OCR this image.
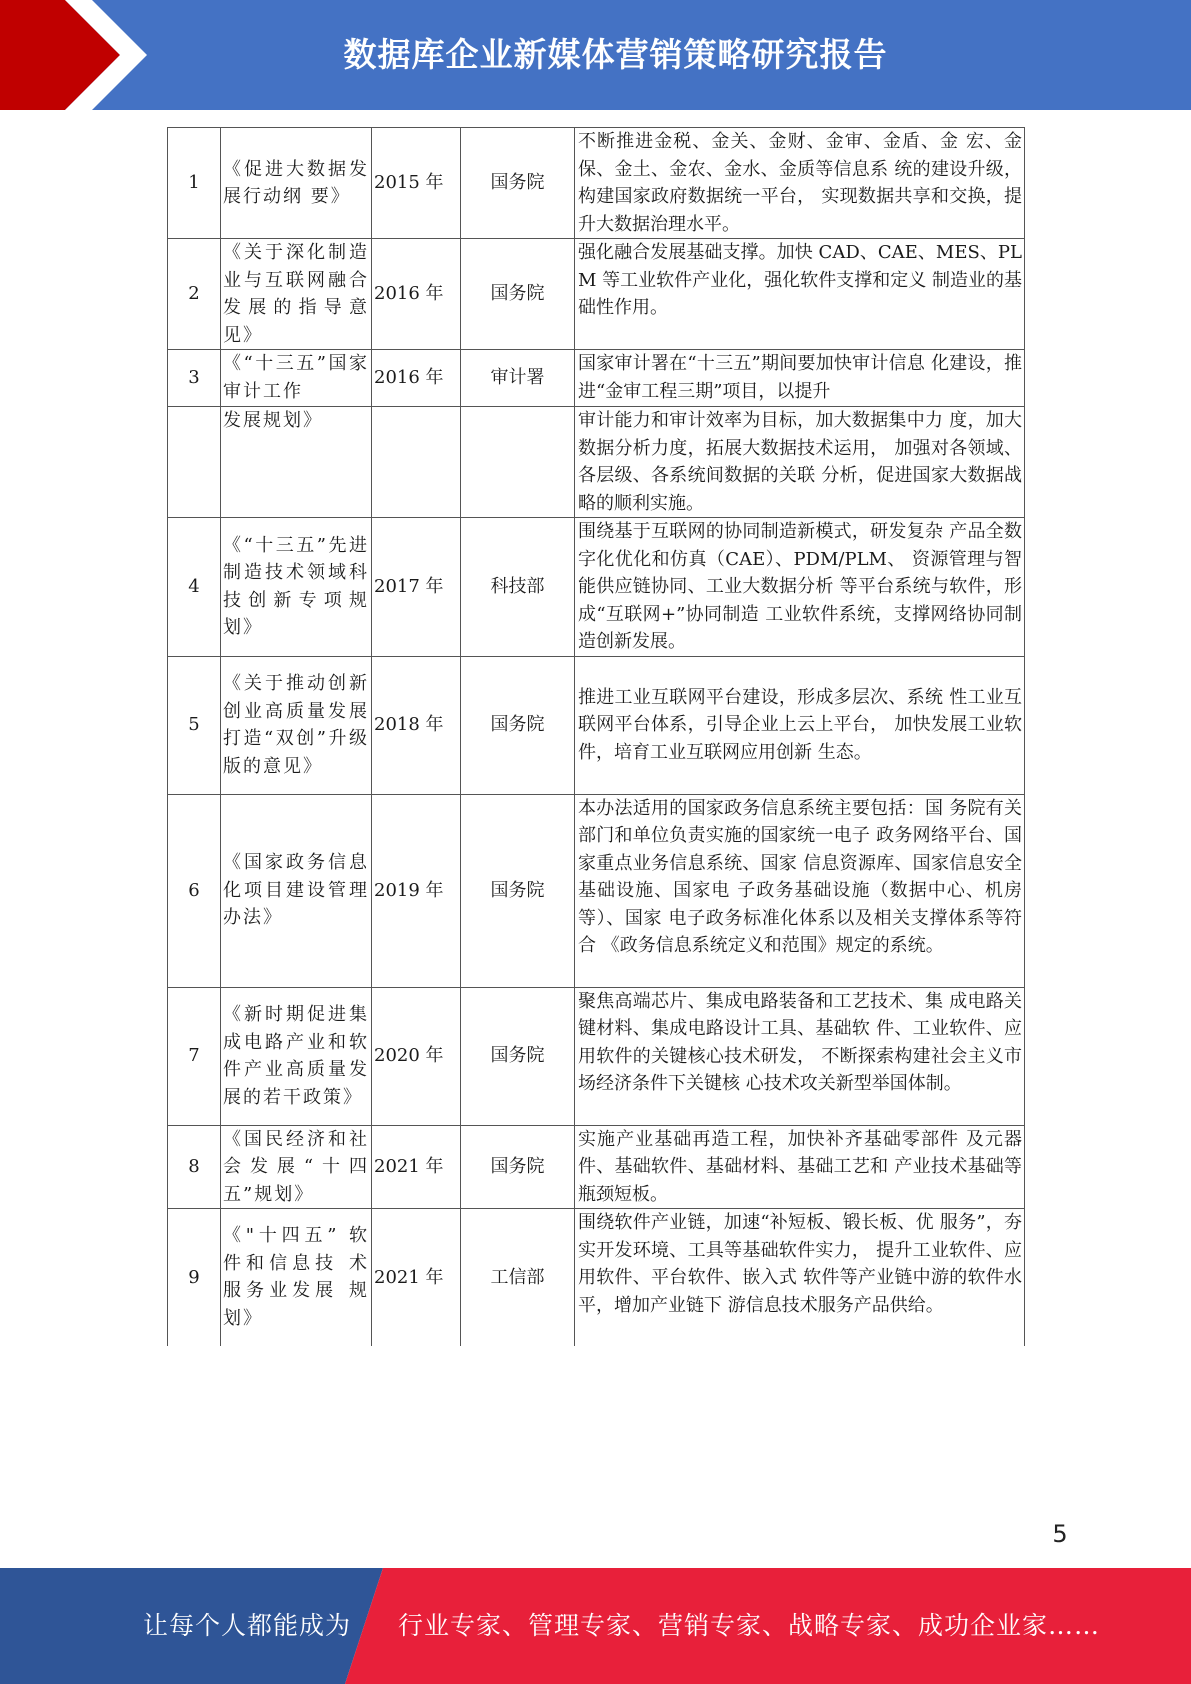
数据库企业新媒体营销策略研究报告
1	《促进大数据发展行动纲 要》	2015 年	国务院	不断推进金税、金关、金财、金审、金盾、金 宏、金保、金土、金农、金水、金质等信息系 统的建设升级，构建国家政府数据统一平台， 实现数据共享和交换，提升大数据治理水平。
2	《关于深化制造业与互联网融合发展的指导意见》	2016 年	国务院	强化融合发展基础支撑。加快 CAD、CAE、MES、PLM 等工业软件产业化，强化软件支撑和定义 制造业的基础性作用。
3	《“十三五”国家审计工作	2016 年	审计署	国家审计署在“十三五”期间要加快审计信息 化建设，推进“金审工程三期”项目，以提升
	发展规划》			审计能力和审计效率为目标，加大数据集中力 度，加大数据分析力度，拓展大数据技术运用， 加强对各领域、各层级、各系统间数据的关联 分析，促进国家大数据战略的顺利实施。
4	《“十三五”先进制造技术领域科技创新专项规划》	2017 年	科技部	围绕基于互联网的协同制造新模式，研发复杂 产品全数字化优化和仿真（CAE）、PDM/PLM、 资源管理与智能供应链协同、工业大数据分析 等平台系统与软件，形成“互联网+”协同制造 工业软件系统，支撑网络协同制造创新发展。
5	《关于推动创新创业高质量发展打造“双创”升级版的意见》	2018 年	国务院	推进工业互联网平台建设，形成多层次、系统 性工业互联网平台体系，引导企业上云上平台， 加快发展工业软件，培育工业互联网应用创新 生态。
6	《国家政务信息化项目建设管理办法》	2019 年	国务院	本办法适用的国家政务信息系统主要包括：国 务院有关部门和单位负责实施的国家统一电子 政务网络平台、国家重点业务信息系统、国家 信息资源库、国家信息安全基础设施、国家电 子政务基础设施（数据中心、机房等）、国家 电子政务标准化体系以及相关支撑体系等符合 《政务信息系统定义和范围》规定的系统。
7	《新时期促进集成电路产业和软件产业高质量发展的若干政策》	2020 年	国务院	聚焦高端芯片、集成电路装备和工艺技术、集 成电路关键材料、集成电路设计工具、基础软 件、工业软件、应用软件的关键核心技术研发， 不断探索构建社会主义市场经济条件下关键核 心技术攻关新型举国体制。
8	《国民经济和社会发展“十四五”规划》	2021 年	国务院	实施产业基础再造工程，加快补齐基础零部件 及元器件、基础软件、基础材料、基础工艺和 产业技术基础等瓶颈短板。
9	《"十四五” 软件和信息技 术服务业发展 规划》	2021 年	工信部	围绕软件产业链，加速“补短板、锻长板、优 服务”，夯实开发环境、工具等基础软件实力， 提升工业软件、应用软件、平台软件、嵌入式 软件等产业链中游的软件水平，增加产业链下 游信息技术服务产品供给。
5
让每个人都能成为 行业专家、管理专家、营销专家、战略专家、成功企业家……
